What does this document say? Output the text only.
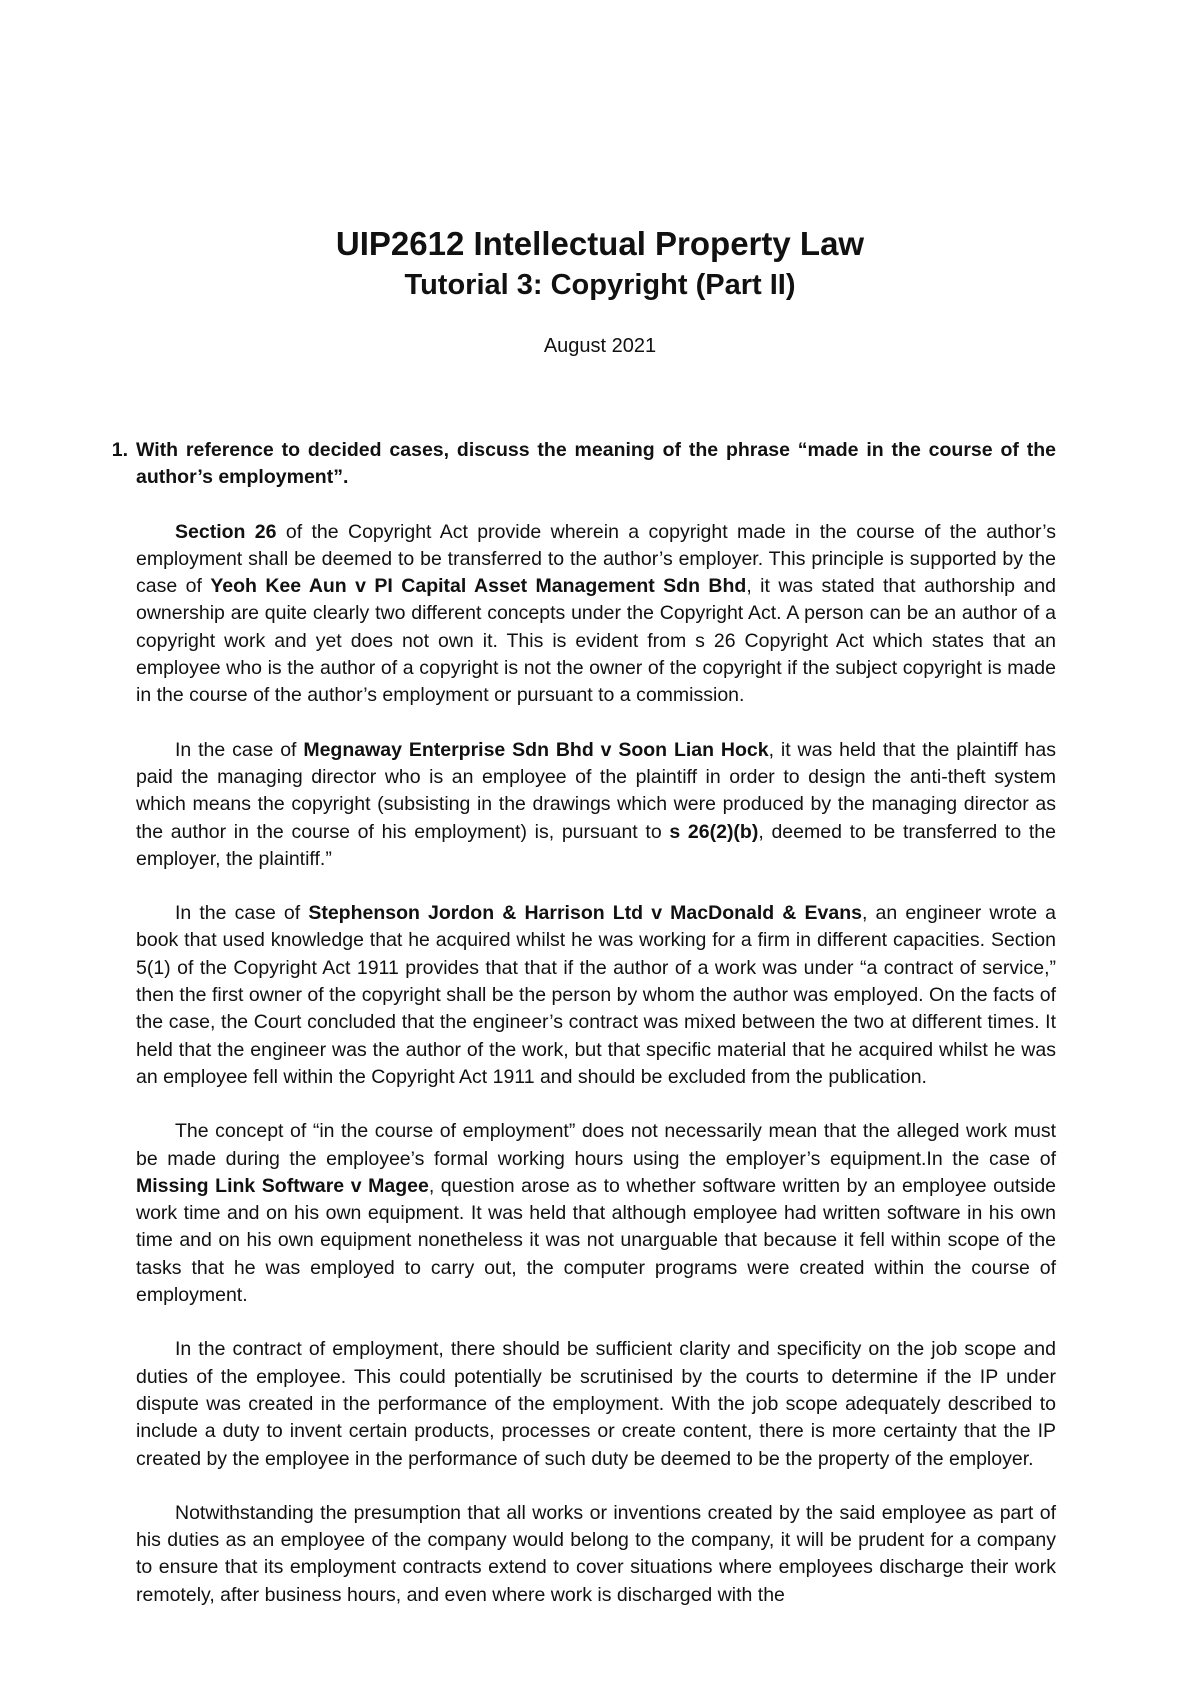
UIP2612 Intellectual Property Law
Tutorial 3: Copyright (Part II)
August 2021
1. With reference to decided cases, discuss the meaning of the phrase “made in the course of the author’s employment”.

Section 26 of the Copyright Act provide wherein a copyright made in the course of the author’s employment shall be deemed to be transferred to the author’s employer. This principle is supported by the case of Yeoh Kee Aun v PI Capital Asset Management Sdn Bhd, it was stated that authorship and ownership are quite clearly two different concepts under the Copyright Act. A person can be an author of a copyright work and yet does not own it. This is evident from s 26 Copyright Act which states that an employee who is the author of a copyright is not the owner of the copyright if the subject copyright is made in the course of the author’s employment or pursuant to a commission.

In the case of Megnaway Enterprise Sdn Bhd v Soon Lian Hock, it was held that the plaintiff has paid the managing director who is an employee of the plaintiff in order to design the anti-theft system which means the copyright (subsisting in the drawings which were produced by the managing director as the author in the course of his employment) is, pursuant to s 26(2)(b), deemed to be transferred to the employer, the plaintiff.”

In the case of Stephenson Jordon & Harrison Ltd v MacDonald & Evans, an engineer wrote a book that used knowledge that he acquired whilst he was working for a firm in different capacities. Section 5(1) of the Copyright Act 1911 provides that that if the author of a work was under “a contract of service,” then the first owner of the copyright shall be the person by whom the author was employed. On the facts of the case, the Court concluded that the engineer’s contract was mixed between the two at different times. It held that the engineer was the author of the work, but that specific material that he acquired whilst he was an employee fell within the Copyright Act 1911 and should be excluded from the publication.

The concept of “in the course of employment” does not necessarily mean that the alleged work must be made during the employee’s formal working hours using the employer’s equipment.In the case of Missing Link Software v Magee, question arose as to whether software written by an employee outside work time and on his own equipment. It was held that although employee had written software in his own time and on his own equipment nonetheless it was not unarguable that because it fell within scope of the tasks that he was employed to carry out, the computer programs were created within the course of employment.

In the contract of employment, there should be sufficient clarity and specificity on the job scope and duties of the employee. This could potentially be scrutinised by the courts to determine if the IP under dispute was created in the performance of the employment. With the job scope adequately described to include a duty to invent certain products, processes or create content, there is more certainty that the IP created by the employee in the performance of such duty be deemed to be the property of the employer.

Notwithstanding the presumption that all works or inventions created by the said employee as part of his duties as an employee of the company would belong to the company, it will be prudent for a company to ensure that its employment contracts extend to cover situations where employees discharge their work remotely, after business hours, and even where work is discharged with the
